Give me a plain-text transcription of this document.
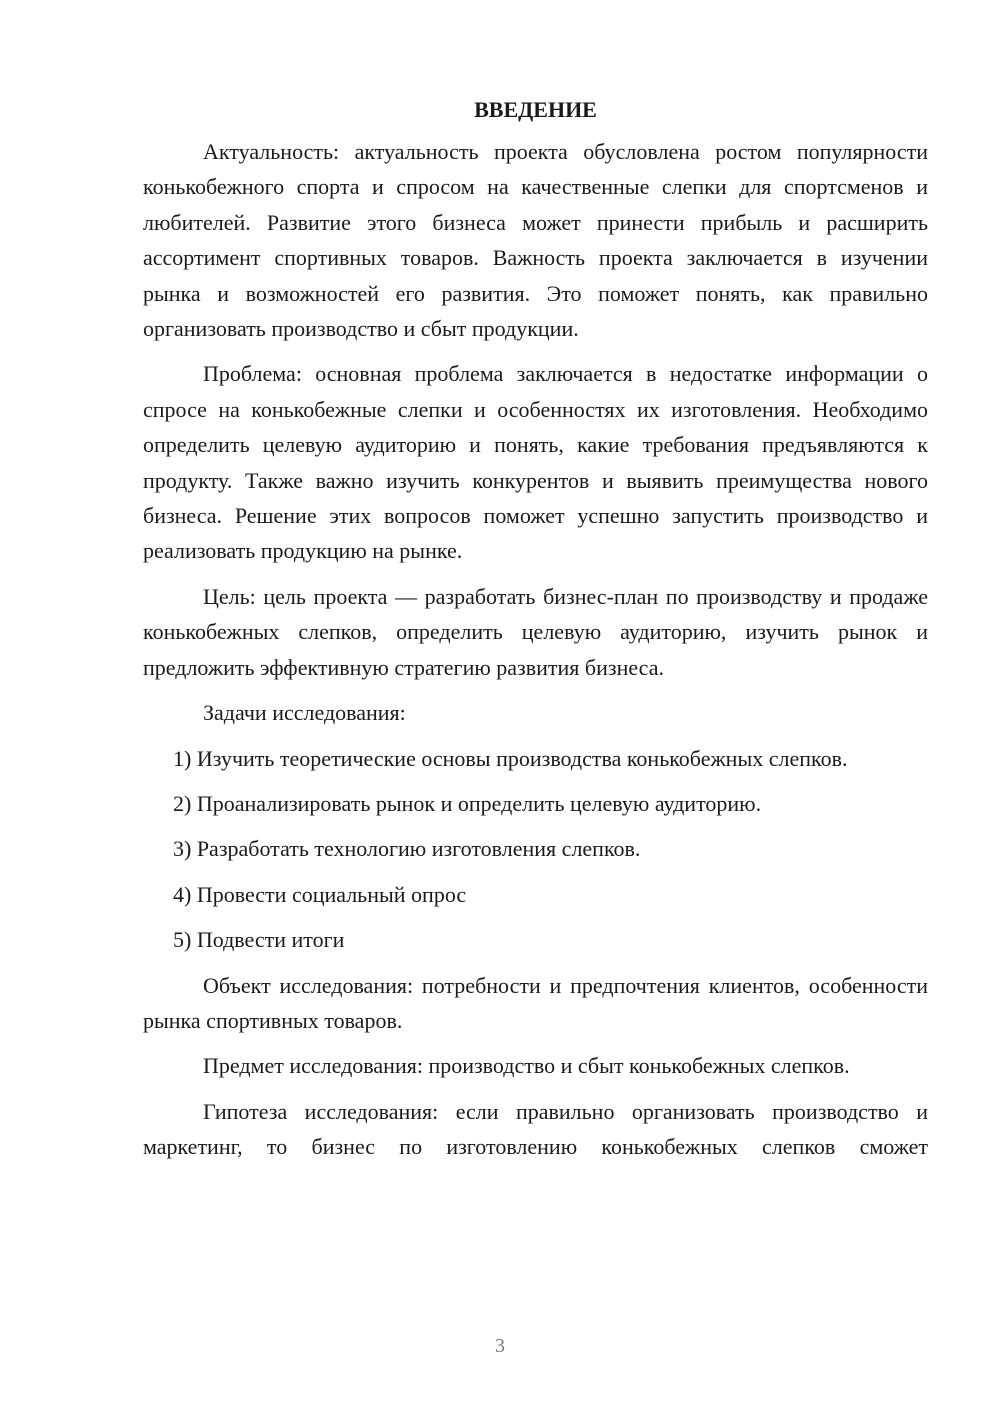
ВВЕДЕНИЕ

Актуальность: актуальность проекта обусловлена ростом популярности конькобежного спорта и спросом на качественные слепки для спортсменов и любителей. Развитие этого бизнеса может принести прибыль и расширить ассортимент спортивных товаров. Важность проекта заключается в изучении рынка и возможностей его развития. Это поможет понять, как правильно организовать производство и сбыт продукции.

Проблема: основная проблема заключается в недостатке информации о спросе на конькобежные слепки и особенностях их изготовления. Необходимо определить целевую аудиторию и понять, какие требования предъявляются к продукту. Также важно изучить конкурентов и выявить преимущества нового бизнеса. Решение этих вопросов поможет успешно запустить производство и реализовать продукцию на рынке.

Цель: цель проекта — разработать бизнес-план по производству и продаже конькобежных слепков, определить целевую аудиторию, изучить рынок и предложить эффективную стратегию развития бизнеса.

Задачи исследования:

1) Изучить теоретические основы производства конькобежных слепков.

2) Проанализировать рынок и определить целевую аудиторию.

3) Разработать технологию изготовления слепков.

4) Провести социальный опрос

5) Подвести итоги

Объект исследования: потребности и предпочтения клиентов, особенности рынка спортивных товаров.

Предмет исследования: производство и сбыт конькобежных слепков.

Гипотеза исследования: если правильно организовать производство и маркетинг, то бизнес по изготовлению конькобежных слепков сможет

3
